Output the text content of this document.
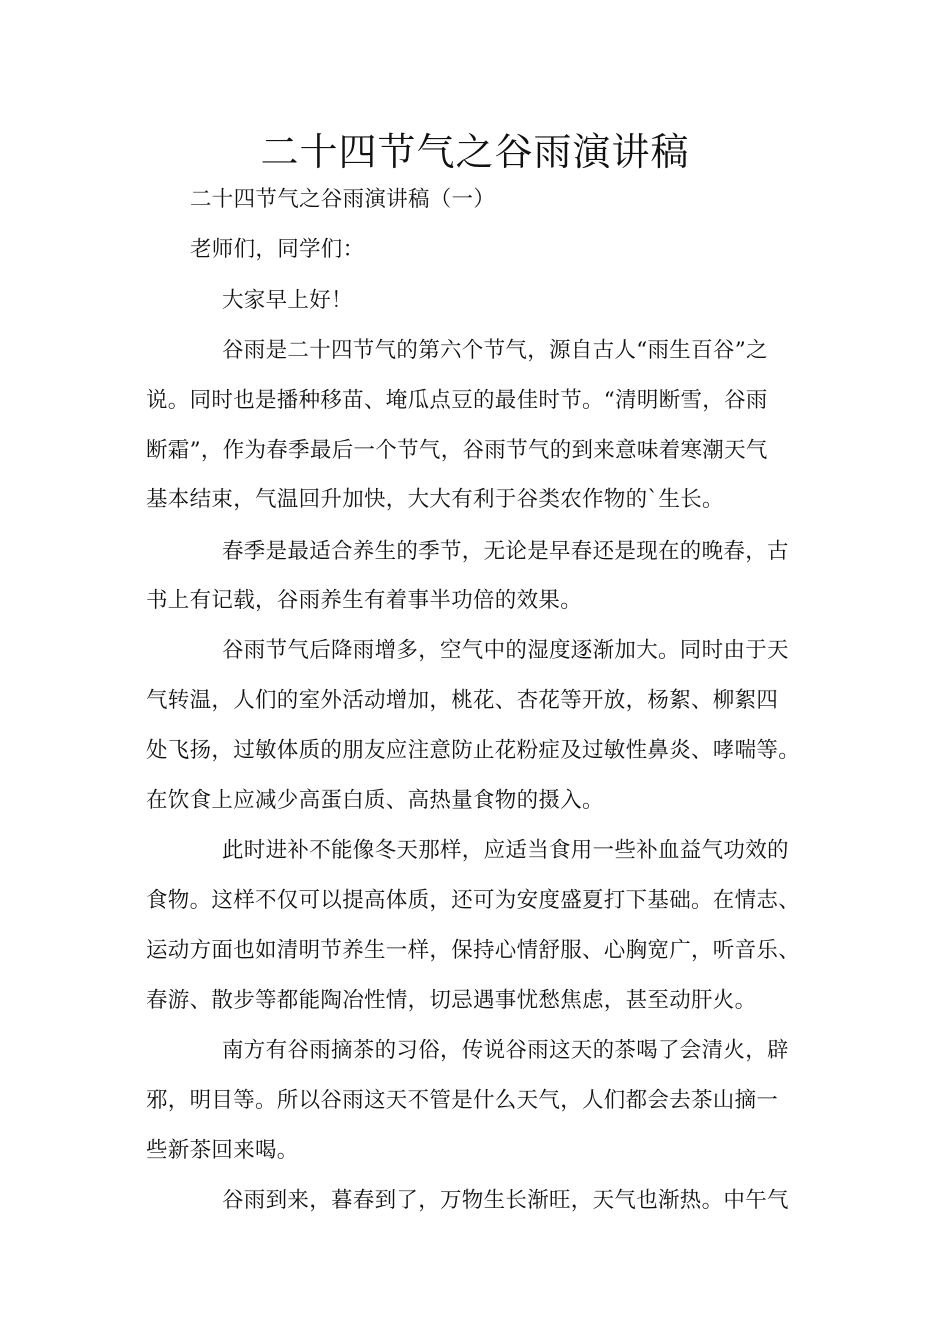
二十四节气之谷雨演讲稿
二十四节气之谷雨演讲稿（一）
老师们，同学们：
大家早上好！
谷雨是二十四节气的第六个节气，源自古人“雨生百谷”之
说。同时也是播种移苗、埯瓜点豆的最佳时节。“清明断雪，谷雨
断霜”，作为春季最后一个节气，谷雨节气的到来意味着寒潮天气
基本结束，气温回升加快，大大有利于谷类农作物的`生长。
春季是最适合养生的季节，无论是早春还是现在的晚春，古
书上有记载，谷雨养生有着事半功倍的效果。
谷雨节气后降雨增多，空气中的湿度逐渐加大。同时由于天
气转温，人们的室外活动增加，桃花、杏花等开放，杨絮、柳絮四
处飞扬，过敏体质的朋友应注意防止花粉症及过敏性鼻炎、哮喘等。
在饮食上应减少高蛋白质、高热量食物的摄入。
此时进补不能像冬天那样，应适当食用一些补血益气功效的
食物。这样不仅可以提高体质，还可为安度盛夏打下基础。在情志、
运动方面也如清明节养生一样，保持心情舒服、心胸宽广，听音乐、
春游、散步等都能陶冶性情，切忌遇事忧愁焦虑，甚至动肝火。
南方有谷雨摘茶的习俗，传说谷雨这天的茶喝了会清火，辟
邪，明目等。所以谷雨这天不管是什么天气，人们都会去茶山摘一
些新茶回来喝。
谷雨到来，暮春到了，万物生长渐旺，天气也渐热。中午气
